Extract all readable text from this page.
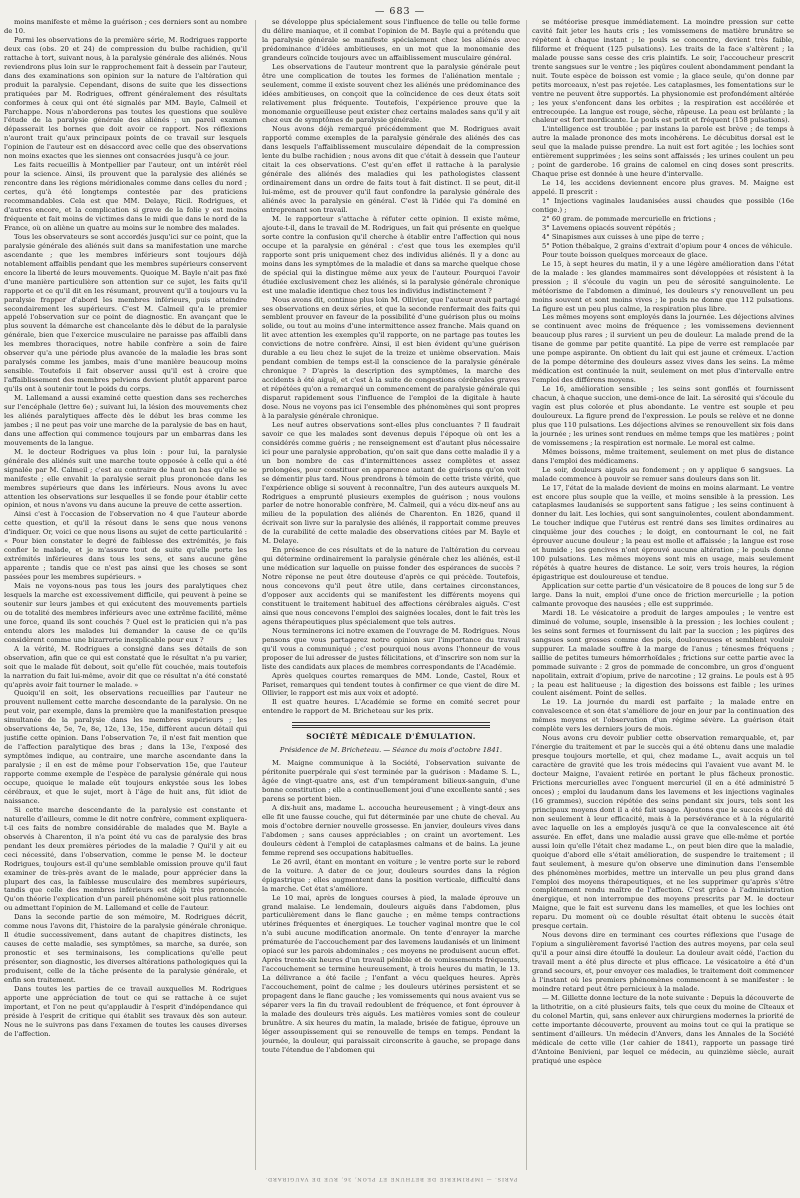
— 683 —

moins manifeste et même la guérison ; ces derniers sont au nombre de 10.

Parmi les observations de la première série, M. Rodrigues rapporte deux cas (obs. 20 et 24) de compression du bulbe rachidien, qu'il rattache à tort, suivant nous, à la paralysie générale des aliénés. Nous reviendrons plus loin sur le rapprochement fait à dessein par l'auteur, dans des examinations son opinion sur la nature de l'altération qui produit la paralysie. Cependant, disons de suite que les dissections pratiquées par M. Rodrigues, offrent généralement des résultats conformes à ceux qui ont été signalés par MM. Bayle, Calmeil et Parchappe. Nous n'aborderons pas toutes les questions que soulève l'étude de la paralysie générale des aliénés ; un pareil examen dépasserait les bornes que doit avoir ce rapport. Nos réflexions n'auront trait qu'aux principaux points de ce travail sur lesquels l'opinion de l'auteur est en désaccord avec celle que des observations non moins exactes que les siennes ont consacrées jusqu'à ce jour.

Les faits recueillis à Montpellier par l'auteur, ont un intérêt réel pour la science. Ainsi, ils prouvent que la paralysie des aliénés se rencontre dans les régions méridionales comme dans celles du nord ; certes, qu'à été longtemps contestée par des praticiens recommandables. Cela est que MM. Delaye, Ricil. Rodrigues, et d'autres encore, et la complication si grave de la folie y est moins fréquente et fait moins de victimes dans le midi que dans le nord de la France, où on aliène un quatre au moins sur le nombre des malades.

Tous les observateurs se sont accordés jusqu'ici sur ce point, que la paralysie générale des aliénés suit dans sa manifestation une marche ascendante ; que les membres inférieurs sont toujours déjà notablement affaiblis pendant que les membres supérieurs conservent encore la liberté de leurs mouvements. Quoique M. Bayle n'ait pas fixé d'une manière particulière son attention sur ce sujet, les faits qu'il rapporte et ce qu'il dit en les résumant, prouvent qu'il a toujours vu la paralysie frapper d'abord les membres inférieurs, puis atteindre secondairement les supérieurs. C'est M. Calmeil qu'a le premier appelé l'observation sur ce point de diagnostic. En avançant que le plus souvent la démarche est chancelante dès le début de la paralysie générale, bien que l'exercice musculaire ne paraisse pas affaibli dans les membres thoraciques, notre habile confrère a soin de faire observer qu'a une période plus avancée de la maladie les bras sont paralysés comme les jambes, mais d'une manière beaucoup moins sensible. Toutefois il fait observer aussi qu'il est à croire que l'affaiblissement des membres pelviens devient plutôt apparent parce qu'ils ont à soutenir tout le poids du corps.

M. Lallemand a aussi examiné cette question dans ses recherches sur l'encéphale (lettre 6e) ; suivant lui, la lésion des mouvements chez les aliénés paralytiques affecte dès le début les bras comme les jambes ; il ne peut pas voir une marche de la paralysie de bas en haut, dans une affection qui commence toujours par un embarras dans les mouvements de la langue.

M. le docteur Rodrigues va plus loin : pour lui, la paralysie générale des aliénés suit une marche toute opposée à celle qui a été signalée par M. Calmeil ; c'est au contraire de haut en bas qu'elle se manifeste ; elle envahit la paralysie serait plus prononcée dans les membres supérieurs que dans les inférieurs. Nous avons lu avec attention les observations sur lesquelles il se fonde pour établir cette opinion, et nous n'avons vu dans aucune la preuve de cette assertion.

Ainsi c'est à l'occasion de l'observation no 4 que l'auteur aborde cette question, et qu'il la résout dans le sens que nous venons d'indiquer. Or, voici ce que nous lisons au sujet de cette particularité : « Pour bien constater le degré de faiblesse des extrémités, je fais confier le malade, et je m'assure tout de suite qu'elle porte les extrémités inférieures dans tous les sens, et sans aucune gêne apparente ; tandis que ce n'est pas ainsi que les choses se sont passées pour les membres supérieurs. »

Mais ne voyons-nous pas tous les jours des paralytiques chez lesquels la marche est excessivement difficile, qui peuvent à peine se soutenir sur leurs jambes et qui exécutent des mouvements partiels ou de totalité des membres inférieurs avec une extrême facilité, même une force, quand ils sont couchés ? Quel est le praticien qui n'a pas entendu alors les malades lui demander la cause de ce qu'ils considèrent comme une bizarrerie inexplicable pour eux ?

A la vérité, M. Rodrigues a consigné dans ses détails de son observation, afin que ce qui est constaté que le résultat n'a pu varier, soit que le malade fût debout, soit qu'elle fût couchée, mais toutefois la narration du fait lui-même, avoir dit que ce résultat n'a été constaté qu'après avoir fait tourner le malade. »

Quoiqu'il en soit, les observations recueillies par l'auteur ne prouvent nullement cette marche descendante de la paralysie. On ne peut voir, par exemple, dans la première que la manifestation presque simultanée de la paralysie dans les membres supérieurs ; les observations 4e, 5e, 7e, 8e, 12e, 13e, 15e, diffèrent aucun détail qui justifie cette opinion. Dans l'observation 7e, il n'est fait mention que de l'affection paralytique des bras ; dans la 13e, l'exposé des symptômes indique, au contraire, une marche ascendante dans la paralysie ; il en est de même pour l'observation 15e, que l'auteur rapporte comme exemple de l'espèce de paralysie générale qui nous occupe, quoique le malade eût toujours enkystée sous les lobes cérébraux, et que le sujet, mort à l'âge de huit ans, fût idiot de naissance.

Si cette marche descendante de la paralysie est constante et naturelle d'ailleurs, comme le dit notre confrère, comment expliquera-t-il ces faits de nombre considérable de malades que M. Bayle a observés à Charenton, il n'a point été vu cas de paralysie des bras pendant les deux premières périodes de la maladie ? Qui'il y ait eu ceci nécessité, dans l'observation, comme le pense M. le docteur Rodrigues, toujours est-il qu'une semblable omission prouve qu'il faut examiner de très-près avant de le malade, pour apprécier dans la plupart des cas, la faiblesse musculaire des membres supérieurs, tandis que celle des membres inférieurs est déjà très prononcée. Qu'on théorie l'explication d'un pareil phénomène soit plus rationnelle ou admettant l'opinion de M. Lallemand et celle de l'auteur.

Dans la seconde partie de son mémoire, M. Rodrigues décrit, comme nous l'avons dit, l'histoire de la paralysie générale chronique. Il étudie successivement, dans autant de chapitres distincts, les causes de cette maladie, ses symptômes, sa marche, sa durée, son pronostic et ses terminaisons, les complications qu'elle peut présenter, son diagnostic, les diverses altérations pathologiques qui la produisent, celle de la tâche présente de la paralysie générale, et enfin son traitement.

Dans toutes les parties de ce travail auxquelles M. Rodrigues apporte une appréciation de tout ce qui se rattache à ce sujet important, et l'on ne peut qu'applaudir à l'esprit d'indépendance qui préside à l'esprit de critique qui établit ses travaux dès son auteur. Nous ne le suivrons pas dans l'examen de toutes les causes diverses de l'affection.

se développe plus spécialement sous l'influence de telle ou telle forme du délire maniaque, et il combat l'opinion de M. Bayle qui a prétendu que la paralysie générale se manifeste spécialement chez les aliénés avec prédominance d'idées ambitieuses, en un mot que la monomanie des grandeurs coïncide toujours avec un affaiblissement musculaire général.

Les observations de l'auteur montrent que la paralysie générale peut être une complication de toutes les formes de l'aliénation mentale ; seulement, comme il existe souvent chez les aliénés une prédominance des idées ambitieuses, on conçoit que la coïncidence de ces deux états soit relativement plus fréquente. Toutefois, l'expérience prouve que la monomanie orgueilleuse peut exister chez certains malades sans qu'il y ait chez eux de symptômes de paralysie générale.

Nous avons déjà remarqué précédemment que M. Rodrigues avait rapporté comme exemples de la paralysie générale des aliénés des cas dans lesquels l'affaiblissement musculaire dépendait de la compression lente du bulbe rachidien ; nous avons dit que c'était à dessein que l'auteur citait la ces observations. C'est qu'en effet il rattache à la paralysie générale des aliénés des maladies qui les pathologistes classent ordinairement dans un ordre de faits tout à fait distinct. Il se peut, dit-il lui-même, est de prouver qu'il faut confondre la paralysie générale des aliénés avec la paralysie en général. C'est là l'idée qui l'a dominé en entreprenant son travail.

M. le rapporteur s'attache à réfuter cette opinion. Il existe même, ajoute-t-il, dans le travail de M. Rodrigues, un fait qui présente en quelque sorte contre la confusion qu'il cherche à établir entre l'affection qui nous occupe et la paralysie en général : c'est que tous les exemples qu'il rapporte sont pris uniquement chez des individus aliénés. Il y a donc au moins dans les symptômes de la maladie et dans sa marche quelque chose de spécial qui la distingue même aux yeux de l'auteur. Pourquoi l'avoir étudiée exclusivement chez les aliénés, si la paralysie générale chronique est une maladie identique chez tous les individus indistinctement ?

Nous avons dit, continue plus loin M. Ollivier, que l'auteur avait partagé ses observations en deux séries, et que la seconde renfermait des faits qui semblent prouver en faveur de la possibilité d'une guérison plus ou moins solide, ou tout au moins d'une intermittence assez franche. Mais quand on lit avec attention les exemples qu'il rapporte, on ne partage pas toutes les convictions de notre confrère. Ainsi, il est bien évident qu'une guérison durable a eu lieu chez le sujet de la treize et unième observation. Mais pendant combien de temps est-il la conscience de la paralysie générale chronique ? D'après la description des symptômes, la marche des accidents à été aiguë, et c'est à la suite de congestions cérébrales graves et répétées qu'on a remarqué un commencement de paralysie générale qui disparut rapidement sous l'influence de l'emploi de la digitale à haute dose. Nous ne voyons pas ici l'ensemble des phénomènes qui sont propres à la paralysie générale chronique.

Les neuf autres observations sont-elles plus concluantes ? Il faudrait savoir ce que les malades sont devenus depuis l'époque où ont les a considérés comme guéris ; ne renseignement est d'autant plus nécessaire ici pour une paralysie approbation, qu'on sait que dans cette maladie il y a un bon nombre de cas d'intermittences assez complètes et assez prolongées, pour constituer en apparence autant de guérisons qu'on voit se démentir plus tard. Nous prendrons à témoin de cette triste vérité, que l'expérience oblige si souvent à reconnaître, l'un des auteurs auxquels M. Rodrigues a emprunté plusieurs exemples de guérison ; nous voulons parler de notre honorable confrère, M. Calmeil, qui a vécu dix-neuf ans au milieu de la population des aliénés de Charenton. En 1826, quand il écrivait son livre sur la paralysie des aliénés, il rapportait comme preuves de la curabilité de cette maladie des observations citées par M. Bayle et M. Delaye.

En présence de ces résultats et de la nature de l'altération du cerveau qui détermine ordinairement la paralysie générale chez les aliénés, est-il une médication sur laquelle on puisse fonder des espérances de succès ? Notre réponse ne peut être douteuse d'après ce qui précède. Toutefois, nous concevons qu'il peut être utile, dans certaines circonstances, d'opposer aux accidents qui se manifestent les différents moyens qui constituent le traitement habituel des affections cérébrales aiguës. C'est ainsi que nous concevons l'emploi des saignées locales, dont le fait très les agens thérapeutiques plus spécialement que tels autres.

Nous terminerons ici notre examen de l'ouvrage de M. Rodrigues. Nous pensons que vous partagerez notre opinion sur l'importance du travail qu'il vous a communiqué ; c'est pourquoi nous avons l'honneur de vous proposer de lui adresser de justes félicitations, et d'inscrire son nom sur la liste des candidats aux places de membres correspondants de l'Académie.

Après quelques courtes remarques de MM. Londe, Castel, Roux et Pariset, remarques qui tendent toutes à confirmer ce que vient de dire M. Ollivier, le rapport est mis aux voix et adopté.

Il est quatre heures. L'Académie se forme en comité secret pour entendre le rapport de M. Bricheteau sur les prix.

SOCIÉTÉ MÉDICALE D'ÉMULATION.
Présidence de M. Bricheteau. — Séance du mois d'octobre 1841.

M. Maigne communique à la Société, l'observation suivante de péritonite puerpérale qui s'est terminée par la guérison : Madame S. L., âgée de vingt-quatre ans, est d'un tempérament bilieux-sanguin, d'une bonne constitution ; elle a continuellement joui d'une excellente santé ; ses parens se portent bien.

A dix-huit ans, madame L. accoucha heureusement ; à vingt-deux ans elle fit une fausse couche, qui fut déterminée par une chute de cheval. Au mois d'octobre dernier nouvelle grossesse. En janvier, douleurs vives dans l'abdomen ; sans causes appréciables ; on craint un avortement. Les douleurs cèdent à l'emploi de cataplasmes calmans et de bains. La jeune femme reprend ses occupations habituelles.

Le 26 avril, étant en montant en voiture ; le ventre porte sur le rebord de la voiture. A dater de ce jour, douleurs sourdes dans la région épigastrique ; elles augmentent dans la position verticale, difficulté dans la marche. Cet état s'améliore.

Le 10 mai, après de longues courses à pied, la malade éprouve un grand malaise. Le lendemain, douleurs aiguës dans l'abdomen, plus particulièrement dans le flanc gauche ; en même temps contractions utérines fréquentes et énergiques. Le toucher vaginal montre que le col n'a subi aucune modification anormale. On tente d'enrayer la marche prématurée de l'accouchement par des lavemens laudanisés et un liniment opiacé sur les parois abdominales ; ces moyens ne produisent aucun effet. Après trente-six heures d'un travail pénible et de vomissements fréquents, l'accouchement se termine heureusement, à trois heures du matin, le 13. La délivrance a été facile ; l'enfant a vécu quelques heures. Après l'accouchement, point de calme ; les douleurs utérines persistent et se propagent dans le flanc gauche ; les vomissements qui nous avaient vus se séparer vers la fin du travail redoublent de fréquence, et font éprouver à la malade des douleurs très aiguës. Les matières vomies sont de couleur brunâtre. A six heures du matin, la malade, brisée de fatigue, éprouve un léger assoupissement qui se renouvelle de temps en temps. Pendant la journée, la douleur, qui paraissait circonscrite à gauche, se propage dans toute l'étendue de l'abdomen qui

se météorise presque immédiatement. La moindre pression sur cette cavité fait jeter les hauts cris ; les vomissemens de matière brunâtre se répètent à chaque instant ; le pouls se concentre, devient très faible, filiforme et fréquent (125 pulsations). Les traits de la face s'altèrent ; la malade pousse sans cesse des cris plaintifs. Le soir, l'accoucheur prescrit trente sangsues sur le ventre ; les piqûres coulent abondamment pendant la nuit. Toute espèce de boisson est vomie ; la glace seule, qu'on donne par petits morceaux, n'est pas rejetée. Les cataplasmes, les fomentations sur le ventre ne peuvent être supportés. La physionomie est profondément altérée ; les yeux s'enfoncent dans les orbites ; la respiration est accélérée et entrecoupée. La langue est rouge, sèche, râpeuse. La peau est brûlante ; la chaleur est fort mordicante. Le pouls est petit et fréquent (158 pulsations).

L'intelligence est troublée ; par instans la parole est brève ; de temps à autre la malade prononce des mots incohérens. Le décubitus dorsal est le seul que la malade puisse prendre. La nuit est fort agitée ; les lochies sont entièrement supprimées ; les seins sont affaissés ; les urines coulent un peu ; point de garderobe. 16 grains de calomel en cinq doses sont prescrits. Chaque prise est donnée à une heure d'intervalle.

Le 14, les accidens deviennent encore plus graves. M. Maigne est appelé. Il prescrit :

1° Injections vaginales laudanisées aussi chaudes que possible (16e contige.) ;

2° 60 gram. de pommade mercurielle en frictions ;

3° Lavemens opiacés souvent répétés ;

4° Sinapismes aux cuisses à une pipe de terre ;

5° Potion thébaïque, 2 grains d'extrait d'opium pour 4 onces de véhicule.

Pour toute boisson quelques morceaux de glace.

Le 15, à sept heures du matin, il y a une légère amélioration dans l'état de la malade : les glandes mammaires sont développées et résistent à la pression ; il s'écoule du vagin un peu de sérosité sanguinolente. Le météorisme de l'abdomen a diminué, les douleurs s'y renouvellent un peu moins souvent et sont moins vives ; le pouls ne donne que 112 pulsations. La figure est un peu plus calme, la respiration plus libre.

Les mêmes moyens sont employés dans la journée. Les déjections alvines se continuent avec moins de fréquence ; les vomissemens deviennent beaucoup plus rares ; il survient un peu de douleur. La malade prend de la tisane de gomme par petite quantité. La pipe de verre est remplacée par une pompe aspirante. On obtient du lait qui est jaune et crémeux. L'action de la pompe détermine des douleurs assez vives dans les seins. La même médication est continuée la nuit, seulement on met plus d'intervalle entre l'emploi des différens moyens.

Le 16, amélioration sensible ; les seins sont gonflés et fournissent chacun, à chaque succion, une demi-once de lait. La sérosité qui s'écoule du vagin est plus colorée et plus abondante. Le ventre est souple et peu douloureux. La figure prend de l'expression. Le pouls se relève et ne donne plus que 110 pulsations. Les déjections alvines se renouvellent six fois dans la journée ; les urines sont rendues en même temps que les matières ; point de vomissemens ; la respiration est normale. Le moral est calme.

Mêmes boissons, même traitement, seulement on met plus de distance dans l'emploi des médicamens.

Le soir, douleurs aiguës au fondement ; on y applique 6 sangsues. La malade commence à pouvoir se remuer sans douleurs dans son lit.

Le 17, l'état de la malade devient de moins en moins alarmant. Le ventre est encore plus souple que la veille, et moins sensible à la pression. Les cataplasmes laudanisés se supportent sans fatigue ; les seins continuent à donner du lait. Les lochies, qui sont sanguinolentes, coulent abondamment. Le toucher indique que l'utérus est rentré dans ses limites ordinaires au cinquième jour des couches ; le doigt, en contournant le col, ne fait éprouver aucune douleur ; la peau est molle et affaissée ; la langue est rose et humide ; les gencives n'ont éprouvé aucune altération ; le pouls donne 100 pulsations. Les mêmes moyens sont mis en usage, mais seulement répétés à quatre heures de distance. Le soir, vers trois heures, la région épigastrique est douloureuse et tendue.

Application sur cette partie d'un vésicatoire de 8 pouces de long sur 5 de large. Dans la nuit, emploi d'une once de friction mercurielle ; la potion calmante provoque des nausées ; elle est supprimée.

Mardi 18. Le vésicatoire a produit de larges ampoules ; le ventre est diminué de volume, souple, insensible à la pression ; les lochies coulent ; les seins sont fermes et fournissent du lait par la succion ; les piqûres des sangsues sont grosses comme des pois, douloureuses et semblent vouloir suppurer. La malade souffre à la marge de l'anus ; ténesmes fréquens ; saillie de petites tumeurs hémorrhoïdales ; frictions sur cette partie avec la pommade suivante : 2 gros de pommade de concombre, un gros d'onguent napolitain, extrait d'opium, prive de narcotine ; 12 grains. Le pouls est à 95 ; la peau est halitueuse ; la digestion des boissons est faible ; les urines coulent aisément. Point de selles.

Le 19. La journée du mardi est parfaite ; la malade entre en convalescence et son état s'améliore de jour en jour par la continuation des mêmes moyens et l'observation d'un régime sévère. La guérison était complète vers les derniers jours de mois.

Nous avons cru devoir publier cette observation remarquable, et, par l'énergie du traitement et par le succès qui a été obtenu dans une maladie presque toujours mortelle, et qui, chez madame L., avait acquis un tel caractère de gravité que les trois médecins qui l'avaient vue avant M. le docteur Maigne, l'avaient retirée en portant le plus fâcheux pronostic. Frictions mercurielles avec l'onguent mercuriel (il en a été administré 5 onces) ; emploi du laudanum dans les lavemens et les injections vaginales (16 grammes), succion répétée des seins pendant six jours, tels sont les principaux moyens dont il a été fait usage. Ajoutons que le succès a été dû non seulement à leur efficacité, mais à la persévérance et à la régularité avec laquelle on les a employés jusqu'à ce que la convalescence ait été assurée. En effet, dans une maladie aussi grave que elle-même et portée aussi loin qu'elle l'était chez madame L., on peut bien dire que la maladie, quoique d'abord elle s'était amélioration, de suspendre le traitement ; il faut seulement, à mesure qu'on observe une diminution dans l'ensemble des phénomènes morbides, mettre un intervalle un peu plus grand dans l'emploi des moyens thérapeutiques, et ne les supprimer qu'après s'être complètement rendu maître de l'affection. C'est grâce à l'administration énergique, et non interrompue des moyens prescrits par M. le docteur Maigne, que le fait est survenu dans les mamelles, et que les lochies ont reparu. Du moment où ce double résultat était obtenu le succès était presque certain.

Nous devons dire en terminant ces courtes réflexions que l'usage de l'opium a singulièrement favorisé l'action des autres moyens, par cela seul qu'il a pour ainsi dire étouffé la douleur. La douleur avait cédé, l'action du travail ment a été plus directe et plus efficace. Le vésicatoire a été d'un grand secours, et, pour envoyer ces maladies, le traitement doit commencer à l'instant où les premiers phénomènes commencent à se manifester : le moindre retard peut être pernicieux à la malade.

— M. Gillette donne lecture de la note suivante : Depuis la découverte de la lithotritie, on a cité plusieurs faits, tels que ceux du moine de Cîteaux et du colonel Martin, qui, sans enlever aux chirurgiens modernes la priorité de cette importante découverte, prouvent au moins tout ce qui la pratique se sentiment d'ailleurs. Un médecin d'Anvers, dans les Annales de la Société médicale de cette ville (1er cahier de 1841), rapporte un passage tiré d'Antoine Benivieni, par lequel ce médecin, au quinzième siècle, aurait pratiqué une espèce

PARIS. — IMPRIMERIE DE BETHUNE ET PLON, 36, RUE DE VAUGIRARD.
